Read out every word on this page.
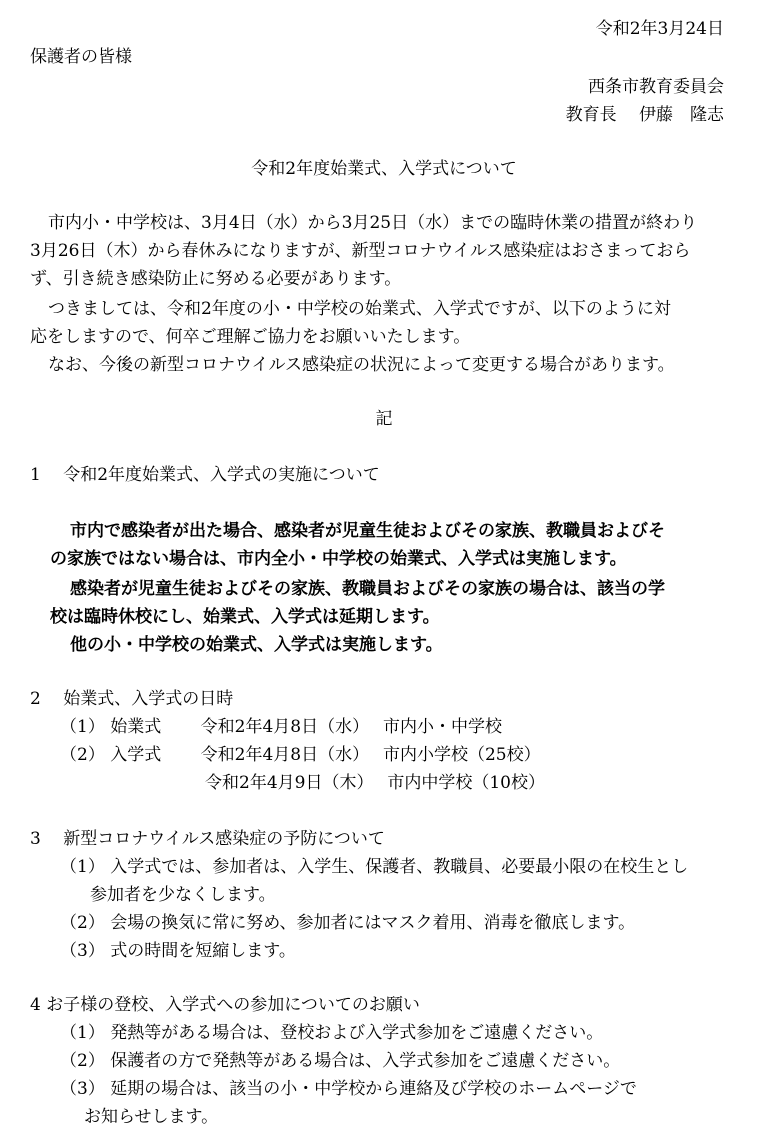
令和2年3月24日
保護者の皆様
西条市教育委員会
教育長　 伊藤　隆志
令和2年度始業式、入学式について
市内小・中学校は、3月4日（水）から3月25日（水）までの臨時休業の措置が終わり
3月26日（木）から春休みになりますが、新型コロナウイルス感染症はおさまっておら
ず、引き続き感染防止に努める必要があります。
つきましては、令和2年度の小・中学校の始業式、入学式ですが、以下のように対
応をしますので、何卒ご理解ご協力をお願いいたします。
なお、今後の新型コロナウイルス感染症の状況によって変更する場合があります。
記
1　 令和2年度始業式、入学式の実施について
市内で感染者が出た場合、感染者が児童生徒およびその家族、教職員およびそ
の家族ではない場合は、市内全小・中学校の始業式、入学式は実施します。
感染者が児童生徒およびその家族、教職員およびその家族の場合は、該当の学
校は臨時休校にし、始業式、入学式は延期します。
他の小・中学校の始業式、入学式は実施します。
2　 始業式、入学式の日時
（1） 始業式　　 令和2年4月8日（水）　 市内小・中学校
（2） 入学式　　 令和2年4月8日（水）　 市内小学校（25校）
令和2年4月9日（木）　 市内中学校（10校）
3　 新型コロナウイルス感染症の予防について
（1） 入学式では、参加者は、入学生、保護者、教職員、必要最小限の在校生とし
参加者を少なくします。
（2） 会場の換気に常に努め、参加者にはマスク着用、消毒を徹底します。
（3） 式の時間を短縮します。
4 お子様の登校、入学式への参加についてのお願い
（1） 発熱等がある場合は、登校および入学式参加をご遠慮ください。
（2） 保護者の方で発熱等がある場合は、入学式参加をご遠慮ください。
（3） 延期の場合は、該当の小・中学校から連絡及び学校のホームページで
お知らせします。
